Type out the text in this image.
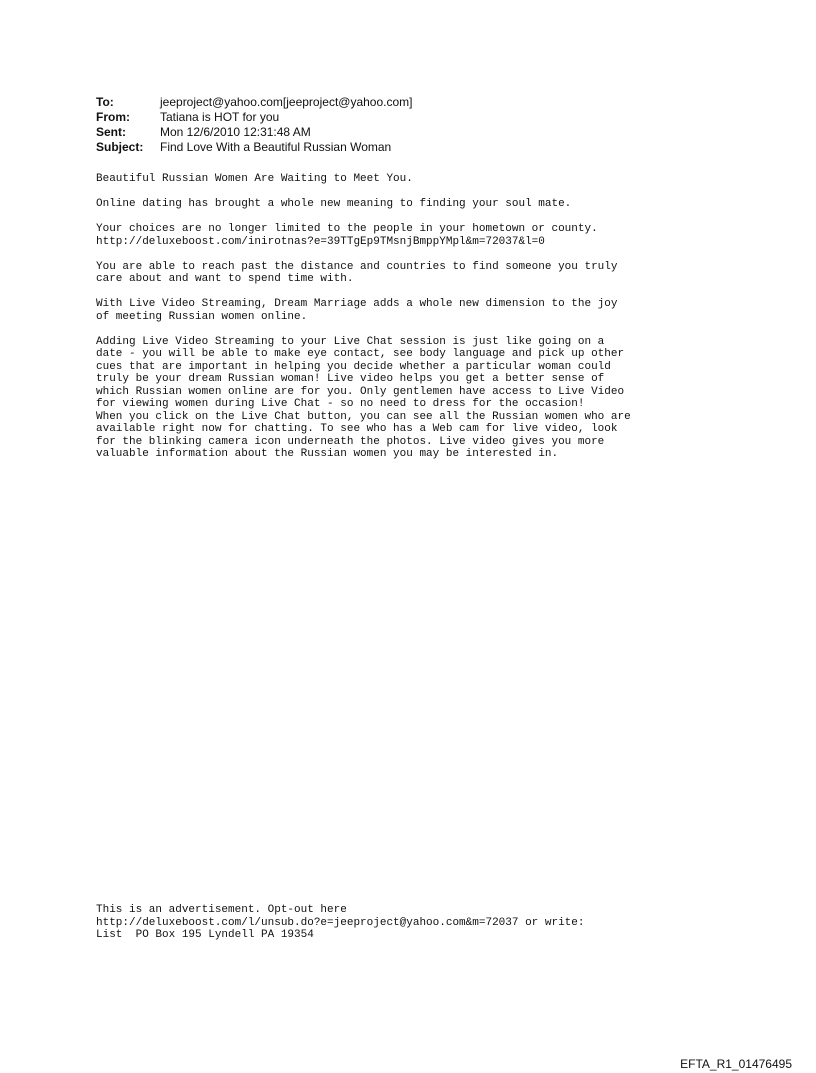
To:	jeeproject@yahoo.com[jeeproject@yahoo.com]
From:	Tatiana is HOT for you
Sent:	Mon 12/6/2010 12:31:48 AM
Subject:	Find Love With a Beautiful Russian Woman

Beautiful Russian Women Are Waiting to Meet You.

Online dating has brought a whole new meaning to finding your soul mate.

Your choices are no longer limited to the people in your hometown or county.
http://deluxeboost.com/inirotnas?e=39TTgEp9TMsnjBmppYMpl&m=72037&l=0

You are able to reach past the distance and countries to find someone you truly
care about and want to spend time with.

With Live Video Streaming, Dream Marriage adds a whole new dimension to the joy
of meeting Russian women online.

Adding Live Video Streaming to your Live Chat session is just like going on a
date - you will be able to make eye contact, see body language and pick up other
cues that are important in helping you decide whether a particular woman could
truly be your dream Russian woman! Live video helps you get a better sense of
which Russian women online are for you. Only gentlemen have access to Live Video
for viewing women during Live Chat - so no need to dress for the occasion!
When you click on the Live Chat button, you can see all the Russian women who are
available right now for chatting. To see who has a Web cam for live video, look
for the blinking camera icon underneath the photos. Live video gives you more
valuable information about the Russian women you may be interested in.

This is an advertisement. Opt-out here
http://deluxeboost.com/l/unsub.do?e=jeeproject@yahoo.com&m=72037 or write:
List  PO Box 195 Lyndell PA 19354
EFTA_R1_01476495
